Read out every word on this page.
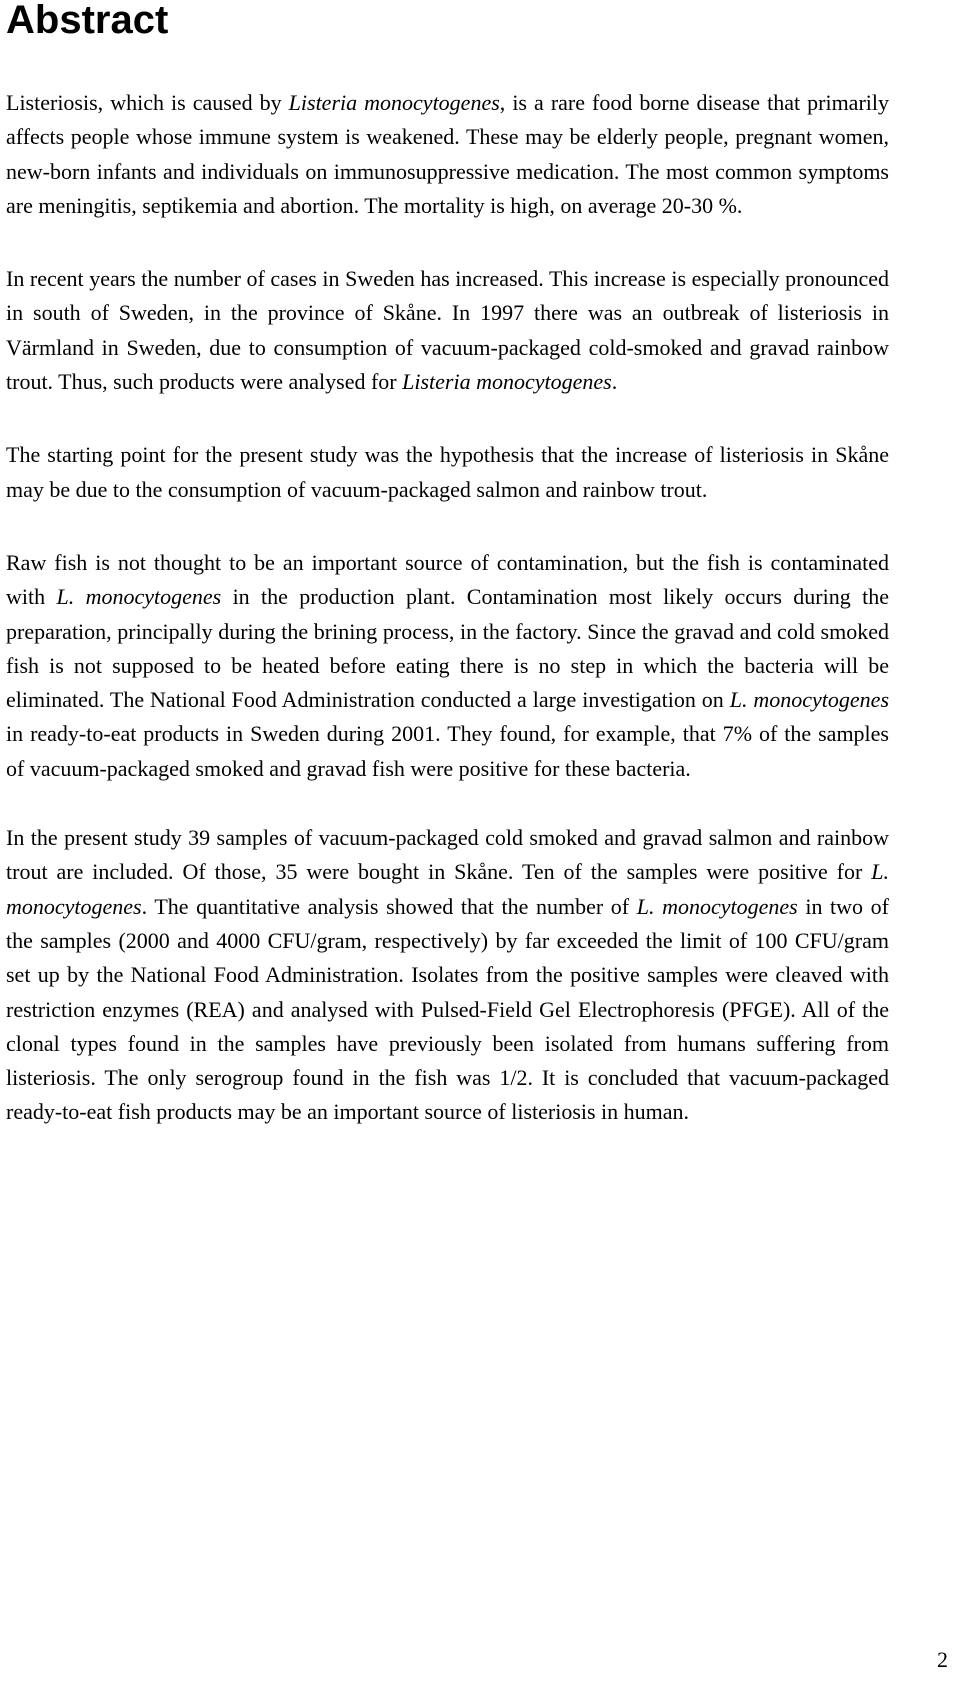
Abstract

Listeriosis, which is caused by Listeria monocytogenes, is a rare food borne disease that primarily affects people whose immune system is weakened. These may be elderly people, pregnant women, new-born infants and individuals on immunosuppressive medication. The most common symptoms are meningitis, septikemia and abortion. The mortality is high, on average 20-30 %.

In recent years the number of cases in Sweden has increased. This increase is especially pronounced in south of Sweden, in the province of Skåne. In 1997 there was an outbreak of listeriosis in Värmland in Sweden, due to consumption of vacuum-packaged cold-smoked and gravad rainbow trout. Thus, such products were analysed for Listeria monocytogenes.

The starting point for the present study was the hypothesis that the increase of listeriosis in Skåne may be due to the consumption of vacuum-packaged salmon and rainbow trout.

Raw fish is not thought to be an important source of contamination, but the fish is contaminated with L. monocytogenes in the production plant. Contamination most likely occurs during the preparation, principally during the brining process, in the factory. Since the gravad and cold smoked fish is not supposed to be heated before eating there is no step in which the bacteria will be eliminated. The National Food Administration conducted a large investigation on L. monocytogenes in ready-to-eat products in Sweden during 2001. They found, for example, that 7% of the samples of vacuum-packaged smoked and gravad fish were positive for these bacteria.

In the present study 39 samples of vacuum-packaged cold smoked and gravad salmon and rainbow trout are included. Of those, 35 were bought in Skåne. Ten of the samples were positive for L. monocytogenes. The quantitative analysis showed that the number of L. monocytogenes in two of the samples (2000 and 4000 CFU/gram, respectively) by far exceeded the limit of 100 CFU/gram set up by the National Food Administration. Isolates from the positive samples were cleaved with restriction enzymes (REA) and analysed with Pulsed-Field Gel Electrophoresis (PFGE). All of the clonal types found in the samples have previously been isolated from humans suffering from listeriosis. The only serogroup found in the fish was 1/2. It is concluded that vacuum-packaged ready-to-eat fish products may be an important source of listeriosis in human.

2
